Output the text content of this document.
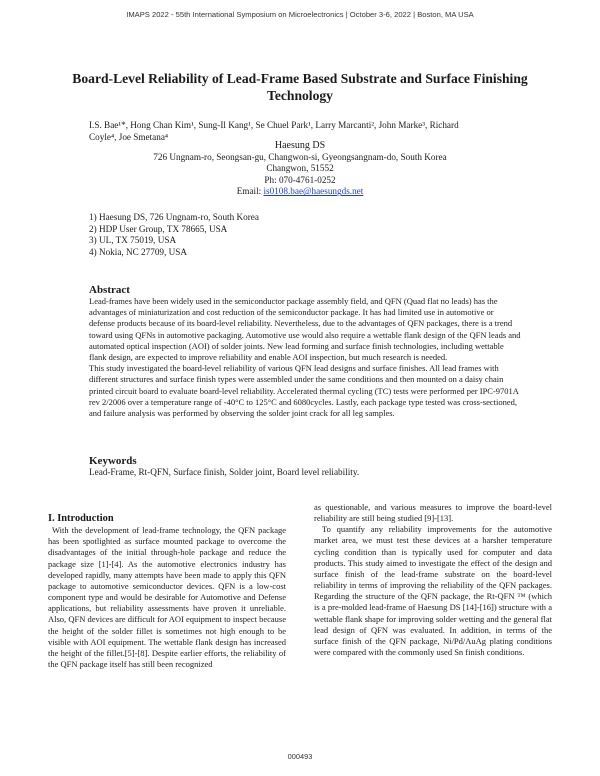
IMAPS 2022 - 55th International Symposium on Microelectronics | October 3-6, 2022 | Boston, MA USA
Board-Level Reliability of Lead-Frame Based Substrate and Surface Finishing Technology
I.S. Bae¹*, Hong Chan Kim¹, Sung-Il Kang¹, Se Chuel Park¹, Larry Marcanti², John Marke³, Richard
Coyle⁴, Joe Smetana⁴
Haesung DS
726 Ungnam-ro, Seongsan-gu, Changwon-si, Gyeongsangnam-do, South Korea
Changwon, 51552
Ph: 070-4761-0252
Email: is0108.bae@haesungds.net
1) Haesung DS, 726 Ungnam-ro, South Korea
2) HDP User Group, TX 78665, USA
3) UL, TX 75019, USA
4) Nokia, NC 27709, USA
Abstract

Lead-frames have been widely used in the semiconductor package assembly field, and QFN (Quad flat no leads) has the advantages of miniaturization and cost reduction of the semiconductor package. It has had limited use in automotive or defense products because of its board-level reliability. Nevertheless, due to the advantages of QFN packages, there is a trend toward using QFNs in automotive packaging. Automotive use would also require a wettable flank design of the QFN leads and automated optical inspection (AOI) of solder joints. New lead forming and surface finish technologies, including wettable flank design, are expected to improve reliability and enable AOI inspection, but much research is needed.

This study investigated the board-level reliability of various QFN lead designs and surface finishes. All lead frames with different structures and surface finish types were assembled under the same conditions and then mounted on a daisy chain printed circuit board to evaluate board-level reliability. Accelerated thermal cycling (TC) tests were performed per IPC-9701A rev 2/2006 over a temperature range of -40°C to 125°C and 6080cycles. Lastly, each package type tested was cross-sectioned, and failure analysis was performed by observing the solder joint crack for all leg samples.

Keywords
Lead-Frame, Rt-QFN, Surface finish, Solder joint, Board level reliability.
I. Introduction

With the development of lead-frame technology, the QFN package has been spotlighted as surface mounted package to overcome the disadvantages of the initial through-hole package and reduce the package size [1]-[4]. As the automotive electronics industry has developed rapidly, many attempts have been made to apply this QFN package to automotive semiconductor devices. QFN is a low-cost component type and would be desirable for Automotive and Defense applications, but reliability assessments have proven it unreliable. Also, QFN devices are difficult for AOI equipment to inspect because the height of the solder fillet is sometimes not high enough to be visible with AOI equipment. The wettable flank design has increased the height of the fillet.[5]-[8]. Despite earlier efforts, the reliability of the QFN package itself has still been recognized

as questionable, and various measures to improve the board-level reliability are still being studied [9]-[13].

To quantify any reliability improvements for the automotive market area, we must test these devices at a harsher temperature cycling condition than is typically used for computer and data products. This study aimed to investigate the effect of the design and surface finish of the lead-frame substrate on the board-level reliability in terms of improving the reliability of the QFN packages. Regarding the structure of the QFN package, the Rt-QFN ™ (which is a pre-molded lead-frame of Haesung DS [14]-[16]) structure with a wettable flank shape for improving solder wetting and the general flat lead design of QFN was evaluated. In addition, in terms of the surface finish of the QFN package, Ni/Pd/AuAg plating conditions were compared with the commonly used Sn finish conditions.

000493
